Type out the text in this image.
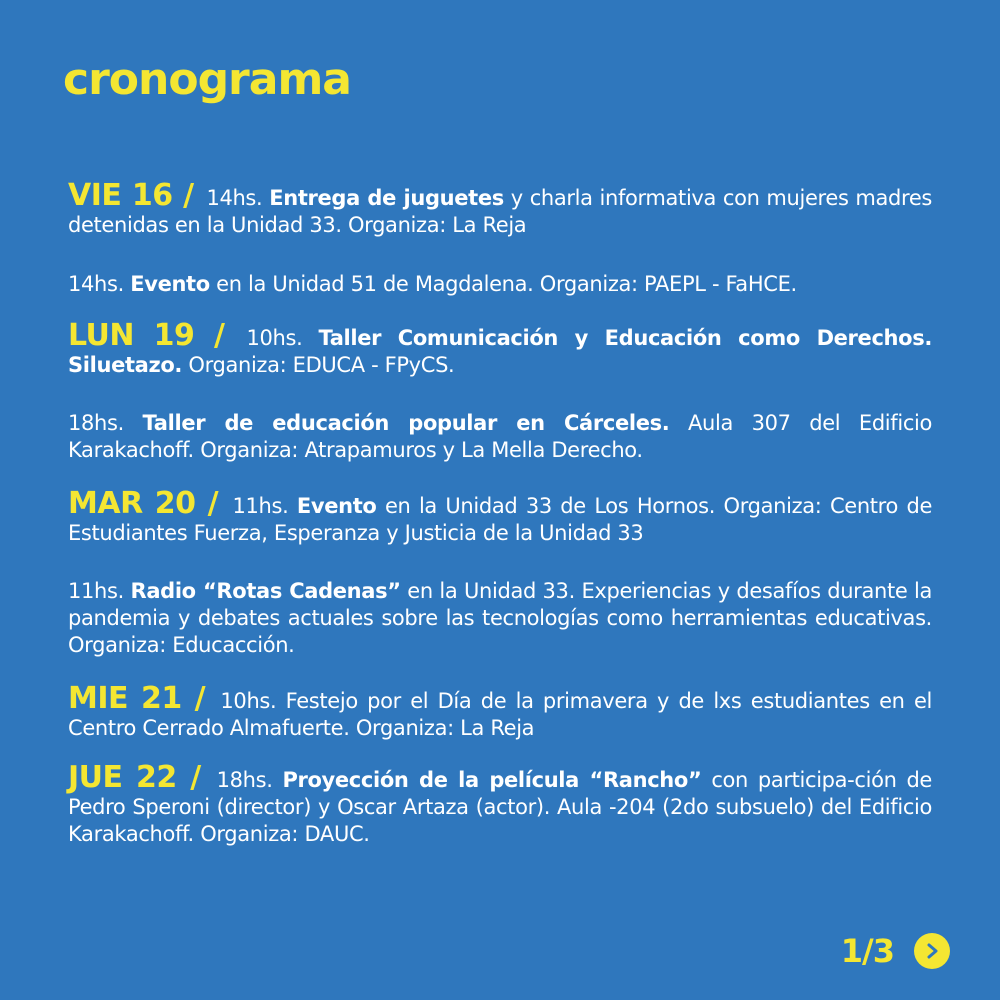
cronograma

VIE 16 / 14hs. Entrega de juguetes y charla informativa con mujeres madres detenidas en la Unidad 33. Organiza: La Reja

14hs. Evento en la Unidad 51 de Magdalena. Organiza: PAEPL - FaHCE.

LUN 19 / 10hs. Taller Comunicación y Educación como Derechos. Siluetazo. Organiza: EDUCA - FPyCS.

18hs. Taller de educación popular en Cárceles. Aula 307 del Edificio Karakachoff. Organiza: Atrapamuros y La Mella Derecho.

MAR 20 / 11hs. Evento en la Unidad 33 de Los Hornos. Organiza: Centro de Estudiantes Fuerza, Esperanza y Justicia de la Unidad 33

11hs. Radio “Rotas Cadenas” en la Unidad 33. Experiencias y desafíos durante la pandemia y debates actuales sobre las tecnologías como herramientas educativas. Organiza: Educacción.

MIE 21 / 10hs. Festejo por el Día de la primavera y de lxs estudiantes en el Centro Cerrado Almafuerte. Organiza: La Reja

JUE 22 / 18hs. Proyección de la película “Rancho” con participa-ción de Pedro Speroni (director) y Oscar Artaza (actor). Aula -204 (2do subsuelo) del Edificio Karakachoff. Organiza: DAUC.

1/3
